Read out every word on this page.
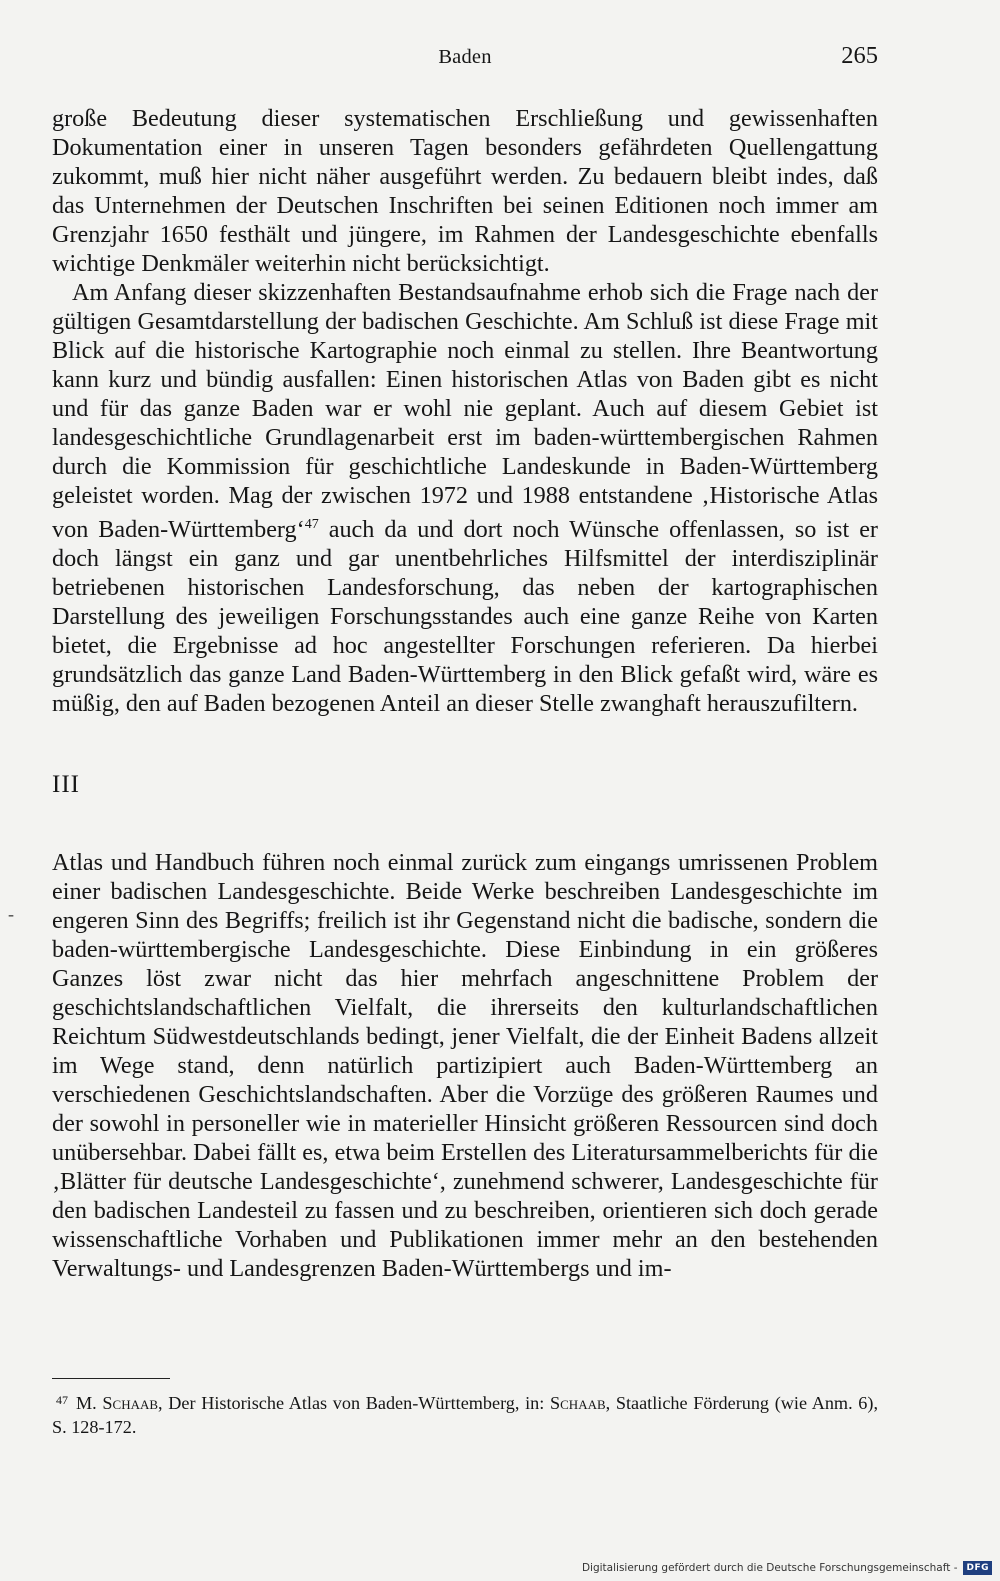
Baden	265

große Bedeutung dieser systematischen Erschließung und gewissenhaften Dokumentation einer in unseren Tagen besonders gefährdeten Quellengattung zukommt, muß hier nicht näher ausgeführt werden. Zu bedauern bleibt indes, daß das Unternehmen der Deutschen Inschriften bei seinen Editionen noch immer am Grenzjahr 1650 festhält und jüngere, im Rahmen der Landesgeschichte ebenfalls wichtige Denkmäler weiterhin nicht berücksichtigt.

Am Anfang dieser skizzenhaften Bestandsaufnahme erhob sich die Frage nach der gültigen Gesamtdarstellung der badischen Geschichte. Am Schluß ist diese Frage mit Blick auf die historische Kartographie noch einmal zu stellen. Ihre Beantwortung kann kurz und bündig ausfallen: Einen historischen Atlas von Baden gibt es nicht und für das ganze Baden war er wohl nie geplant. Auch auf diesem Gebiet ist landesgeschichtliche Grundlagenarbeit erst im baden-württembergischen Rahmen durch die Kommission für geschichtliche Landeskunde in Baden-Württemberg geleistet worden. Mag der zwischen 1972 und 1988 entstandene ‚Historische Atlas von Baden-Württemberg‘$^{47}$ auch da und dort noch Wünsche offenlassen, so ist er doch längst ein ganz und gar unentbehrliches Hilfsmittel der interdisziplinär betriebenen historischen Landesforschung, das neben der kartographischen Darstellung des jeweiligen Forschungsstandes auch eine ganze Reihe von Karten bietet, die Ergebnisse ad hoc angestellter Forschungen referieren. Da hierbei grundsätzlich das ganze Land Baden-Württemberg in den Blick gefaßt wird, wäre es müßig, den auf Baden bezogenen Anteil an dieser Stelle zwanghaft herauszufiltern.

III

Atlas und Handbuch führen noch einmal zurück zum eingangs umrissenen Problem einer badischen Landesgeschichte. Beide Werke beschreiben Landesgeschichte im engeren Sinn des Begriffs; freilich ist ihr Gegenstand nicht die badische, sondern die baden-württembergische Landesgeschichte. Diese Einbindung in ein größeres Ganzes löst zwar nicht das hier mehrfach angeschnittene Problem der geschichtslandschaftlichen Vielfalt, die ihrerseits den kulturlandschaftlichen Reichtum Südwestdeutschlands bedingt, jener Vielfalt, die der Einheit Badens allzeit im Wege stand, denn natürlich partizipiert auch Baden-Württemberg an verschiedenen Geschichtslandschaften. Aber die Vorzüge des größeren Raumes und der sowohl in personeller wie in materieller Hinsicht größeren Ressourcen sind doch unübersehbar. Dabei fällt es, etwa beim Erstellen des Literatursammelberichts für die ‚Blätter für deutsche Landesgeschichte‘, zunehmend schwerer, Landesgeschichte für den badischen Landesteil zu fassen und zu beschreiben, orientieren sich doch gerade wissenschaftliche Vorhaben und Publikationen immer mehr an den bestehenden Verwaltungs- und Landesgrenzen Baden-Württembergs und im-

-
$^{47}$ M. Schaab, Der Historische Atlas von Baden-Württemberg, in: Schaab, Staatliche Förderung (wie Anm. 6), S. 128-172.
Digitalisierung gefördert durch die Deutsche Forschungsgemeinschaft -	DFG
